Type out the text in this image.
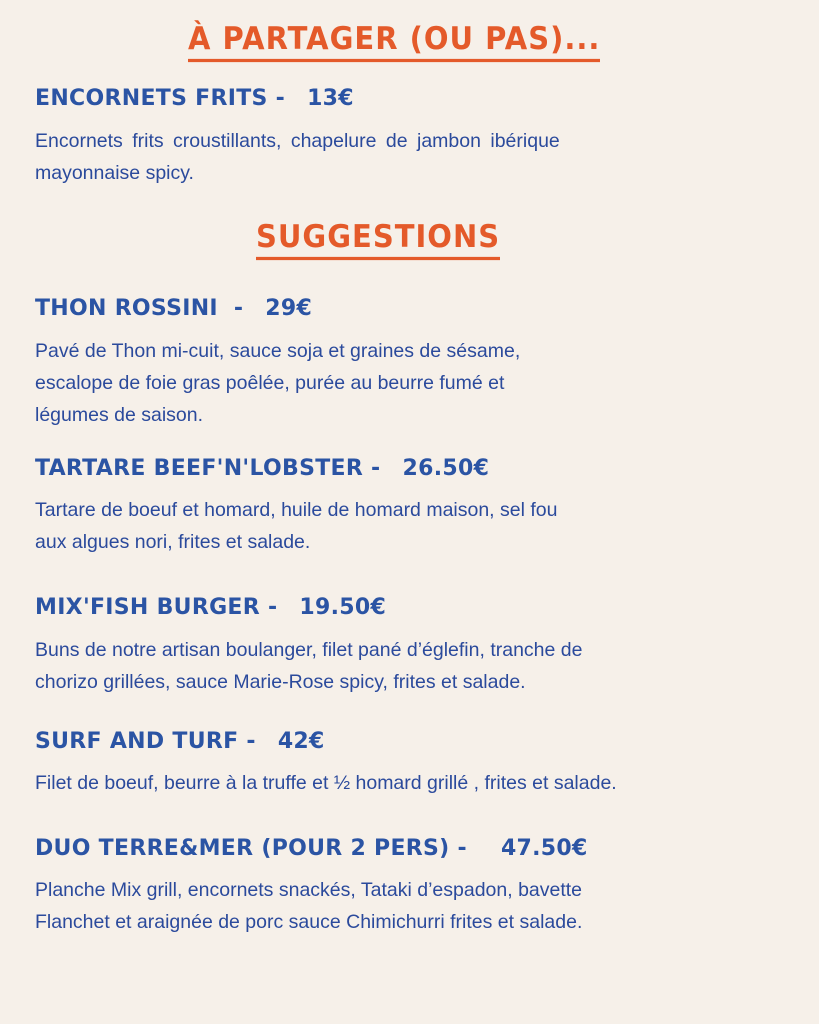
À PARTAGER (OU PAS)...
ENCORNETS FRITS - 13€
Encornets frits croustillants, chapelure de jambon ibérique
mayonnaise spicy.
SUGGESTIONS
THON ROSSINI  - 29€
Pavé de Thon mi-cuit, sauce soja et graines de sésame,
escalope de foie gras poêlée, purée au beurre fumé et
légumes de saison.
TARTARE BEEF'N'LOBSTER - 26.50€
Tartare de boeuf et homard, huile de homard maison, sel fou
aux algues nori, frites et salade.
MIX'FISH BURGER - 19.50€
Buns de notre artisan boulanger, filet pané d’églefin, tranche de
chorizo grillées, sauce Marie-Rose spicy, frites et salade.
SURF AND TURF - 42€
Filet de boeuf, beurre à la truffe et ½ homard grillé , frites et salade.
DUO TERRE&MER (POUR 2 PERS) - 47.50€
Planche Mix grill, encornets snackés, Tataki d’espadon, bavette
Flanchet et araignée de porc sauce Chimichurri frites et salade.
